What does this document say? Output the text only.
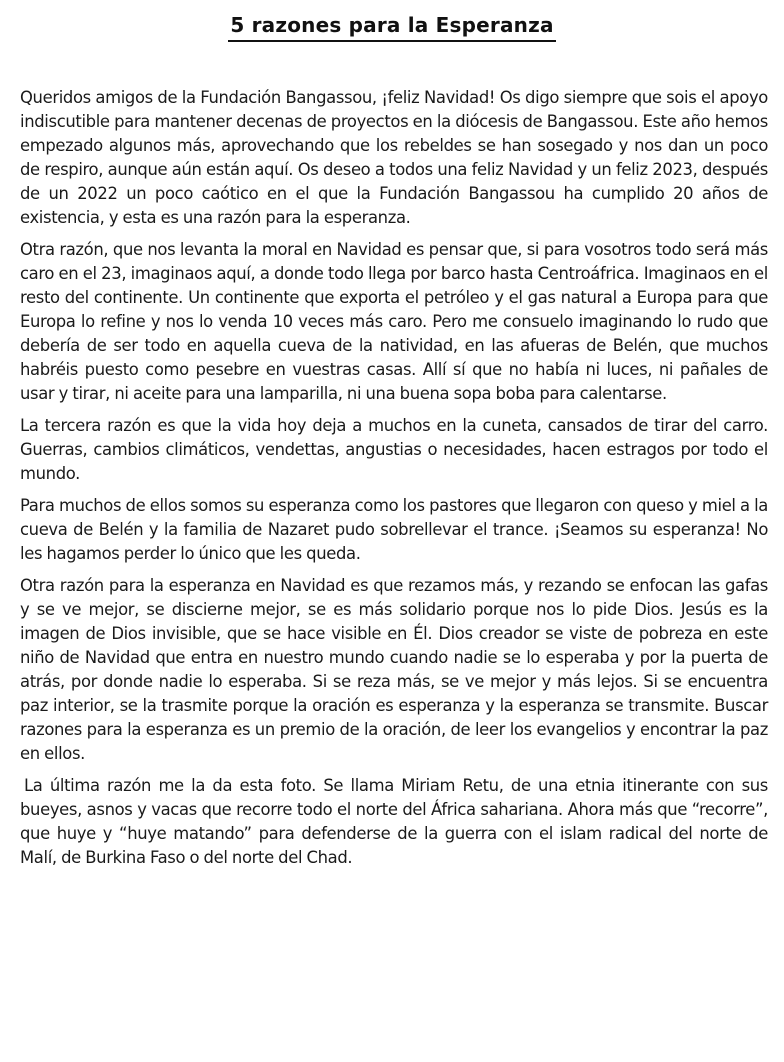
5 razones para la Esperanza

Queridos amigos de la Fundación Bangassou, ¡feliz Navidad! Os digo siempre que sois el apoyo indiscutible para mantener decenas de proyectos en la diócesis de Bangassou. Este año hemos empezado algunos más, aprovechando que los rebeldes se han sosegado y nos dan un poco de respiro, aunque aún están aquí. Os deseo a todos una feliz Navidad y un feliz 2023, después de un 2022 un poco caótico en el que la Fundación Bangassou ha cumplido 20 años de existencia, y esta es una razón para la esperanza.

Otra razón, que nos levanta la moral en Navidad es pensar que, si para vosotros todo será más caro en el 23, imaginaos aquí, a donde todo llega por barco hasta Centroáfrica. Imaginaos en el resto del continente. Un continente que exporta el petróleo y el gas natural a Europa para que Europa lo refine y nos lo venda 10 veces más caro. Pero me consuelo imaginando lo rudo que debería de ser todo en aquella cueva de la natividad, en las afueras de Belén, que muchos habréis puesto como pesebre en vuestras casas. Allí sí que no había ni luces, ni pañales de usar y tirar, ni aceite para una lamparilla, ni una buena sopa boba para calentarse.

La tercera razón es que la vida hoy deja a muchos en la cuneta, cansados de tirar del carro. Guerras, cambios climáticos, vendettas, angustias o necesidades, hacen estragos por todo el mundo.

Para muchos de ellos somos su esperanza como los pastores que llegaron con queso y miel a la cueva de Belén y la familia de Nazaret pudo sobrellevar el trance. ¡Seamos su esperanza! No les hagamos perder lo único que les queda.

Otra razón para la esperanza en Navidad es que rezamos más, y rezando se enfocan las gafas y se ve mejor, se discierne mejor, se es más solidario porque nos lo pide Dios. Jesús es la imagen de Dios invisible, que se hace visible en Él. Dios creador se viste de pobreza en este niño de Navidad que entra en nuestro mundo cuando nadie se lo esperaba y por la puerta de atrás, por donde nadie lo esperaba. Si se reza más, se ve mejor y más lejos. Si se encuentra paz interior, se la trasmite porque la oración es esperanza y la esperanza se transmite. Buscar razones para la esperanza es un premio de la oración, de leer los evangelios y encontrar la paz en ellos.

La última razón me la da esta foto. Se llama Miriam Retu, de una etnia itinerante con sus bueyes, asnos y vacas que recorre todo el norte del África sahariana. Ahora más que “recorre”, que huye y “huye matando” para defenderse de la guerra con el islam radical del norte de Malí, de Burkina Faso o del norte del Chad.
